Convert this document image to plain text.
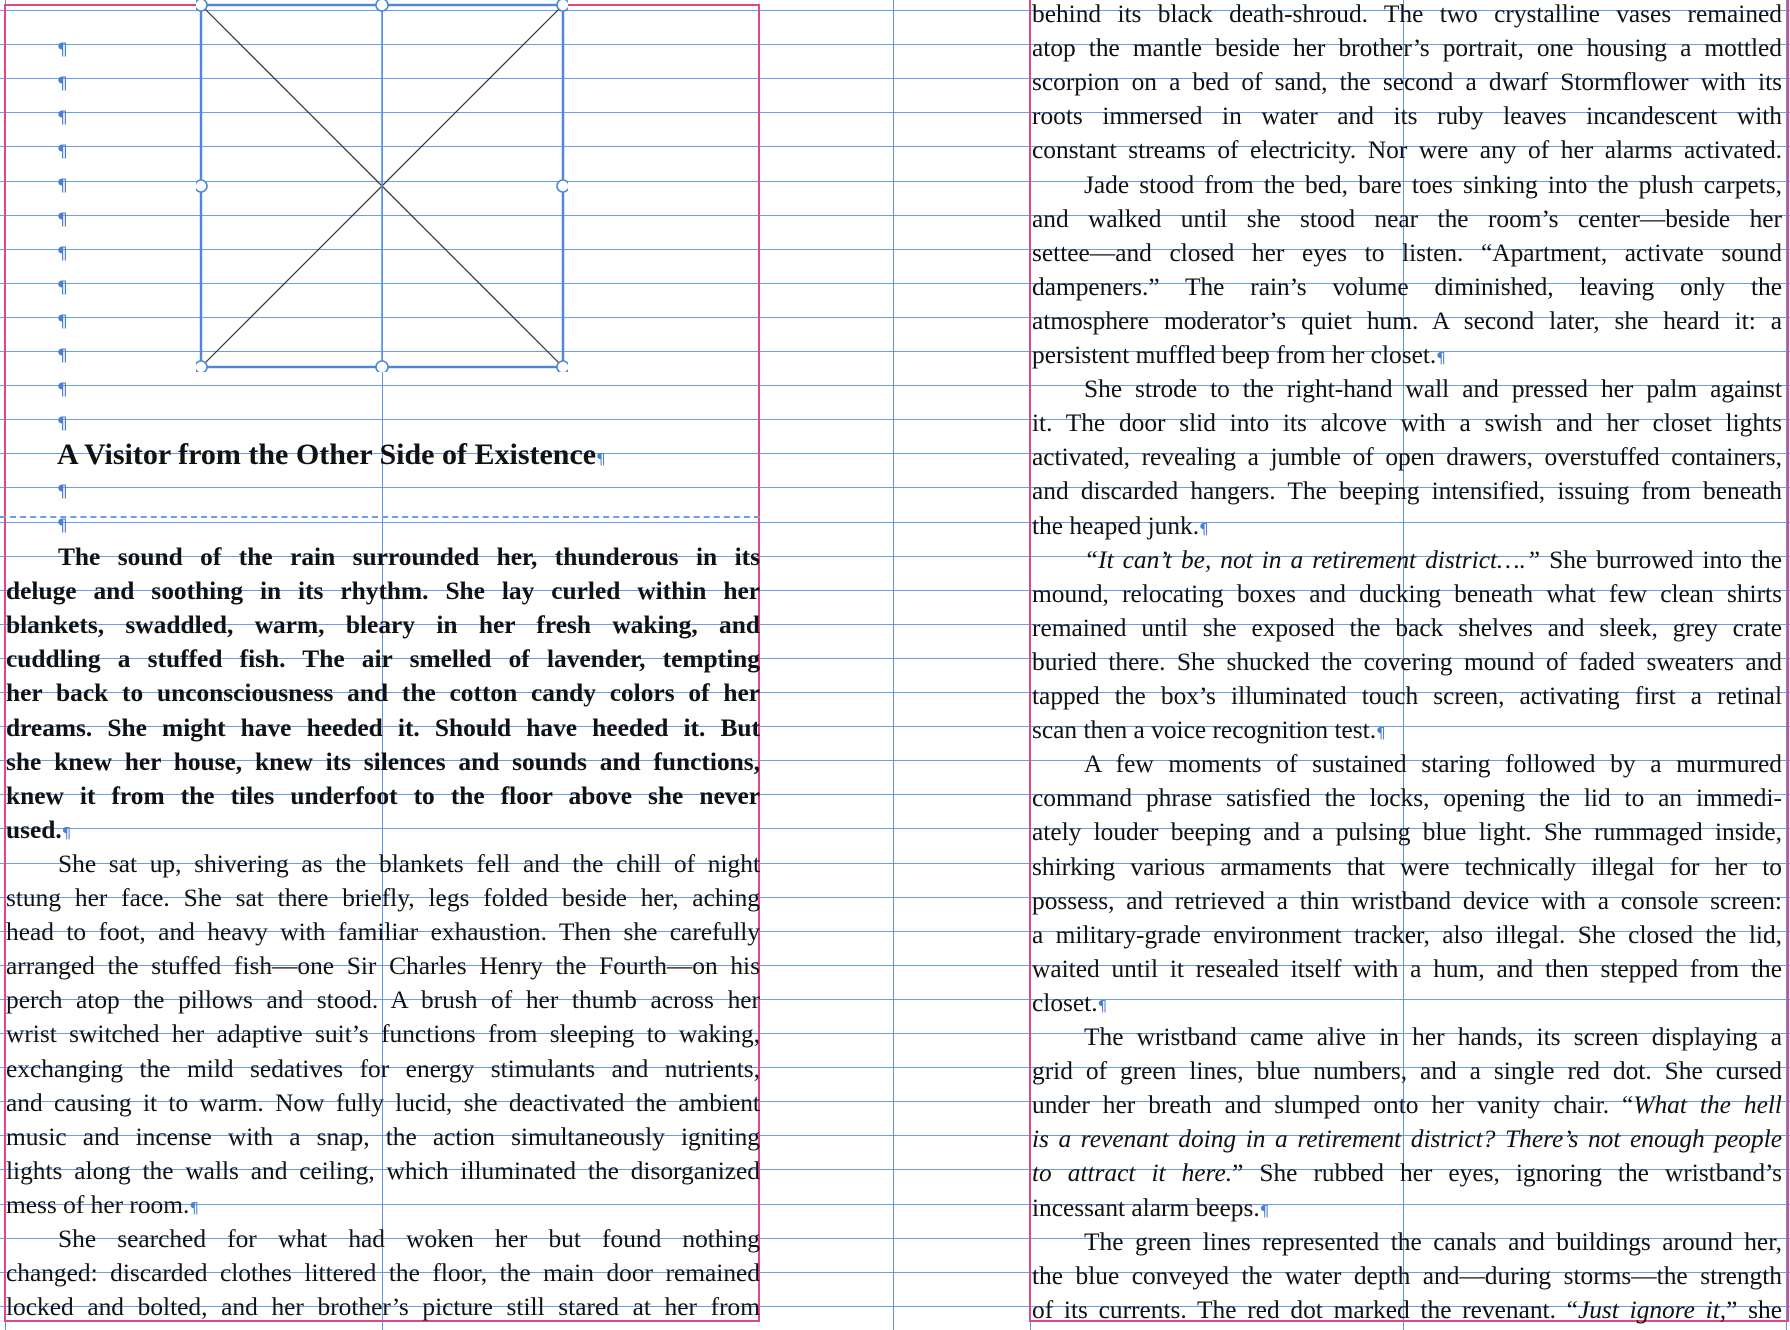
¶
¶
¶
¶
¶
¶
¶
¶
¶
¶
¶
¶
¶
¶
A Visitor from the Other Side of Existence¶
The sound of the rain surrounded her, thunderous in its
deluge and soothing in its rhythm. She lay curled within her
blankets, swaddled, warm, bleary in her fresh waking, and
cuddling a stuffed fish. The air smelled of lavender, tempting
her back to unconsciousness and the cotton candy colors of her
dreams. She might have heeded it. Should have heeded it. But
she knew her house, knew its silences and sounds and functions,
knew it from the tiles underfoot to the floor above she never
used.¶
She sat up, shivering as the blankets fell and the chill of night
stung her face. She sat there briefly, legs folded beside her, aching
head to foot, and heavy with familiar exhaustion. Then she carefully
arranged the stuffed fish—one Sir Charles Henry the Fourth—on his
perch atop the pillows and stood. A brush of her thumb across her
wrist switched her adaptive suit’s functions from sleeping to waking,
exchanging the mild sedatives for energy stimulants and nutrients,
and causing it to warm. Now fully lucid, she deactivated the ambient
music and incense with a snap, the action simultaneously igniting
lights along the walls and ceiling, which illuminated the disorganized
mess of her room.¶
She searched for what had woken her but found nothing
changed: discarded clothes littered the floor, the main door remained
locked and bolted, and her brother’s picture still stared at her from
behind its black death-shroud. The two crystalline vases remained
atop the mantle beside her brother’s portrait, one housing a mottled
scorpion on a bed of sand, the second a dwarf Stormflower with its
roots immersed in water and its ruby leaves incandescent with
constant streams of electricity. Nor were any of her alarms activated.
Jade stood from the bed, bare toes sinking into the plush carpets,
and walked until she stood near the room’s center—beside her
settee—and closed her eyes to listen. “Apartment, activate sound
dampeners.” The rain’s volume diminished, leaving only the
atmosphere moderator’s quiet hum. A second later, she heard it: a
persistent muffled beep from her closet.¶
She strode to the right-hand wall and pressed her palm against
it. The door slid into its alcove with a swish and her closet lights
activated, revealing a jumble of open drawers, overstuffed containers,
and discarded hangers. The beeping intensified, issuing from beneath
the heaped junk.¶
“It can’t be, not in a retirement district….” She burrowed into the
mound, relocating boxes and ducking beneath what few clean shirts
remained until she exposed the back shelves and sleek, grey crate
buried there. She shucked the covering mound of faded sweaters and
tapped the box’s illuminated touch screen, activating first a retinal
scan then a voice recognition test.¶
A few moments of sustained staring followed by a murmured
command phrase satisfied the locks, opening the lid to an immedi-
ately louder beeping and a pulsing blue light. She rummaged inside,
shirking various armaments that were technically illegal for her to
possess, and retrieved a thin wristband device with a console screen:
a military-grade environment tracker, also illegal. She closed the lid,
waited until it resealed itself with a hum, and then stepped from the
closet.¶
The wristband came alive in her hands, its screen displaying a
grid of green lines, blue numbers, and a single red dot. She cursed
under her breath and slumped onto her vanity chair. “What the hell
is a revenant doing in a retirement district? There’s not enough people
to attract it here.” She rubbed her eyes, ignoring the wristband’s
incessant alarm beeps.¶
The green lines represented the canals and buildings around her,
the blue conveyed the water depth and—during storms—the strength
of its currents. The red dot marked the revenant. “Just ignore it,” she
